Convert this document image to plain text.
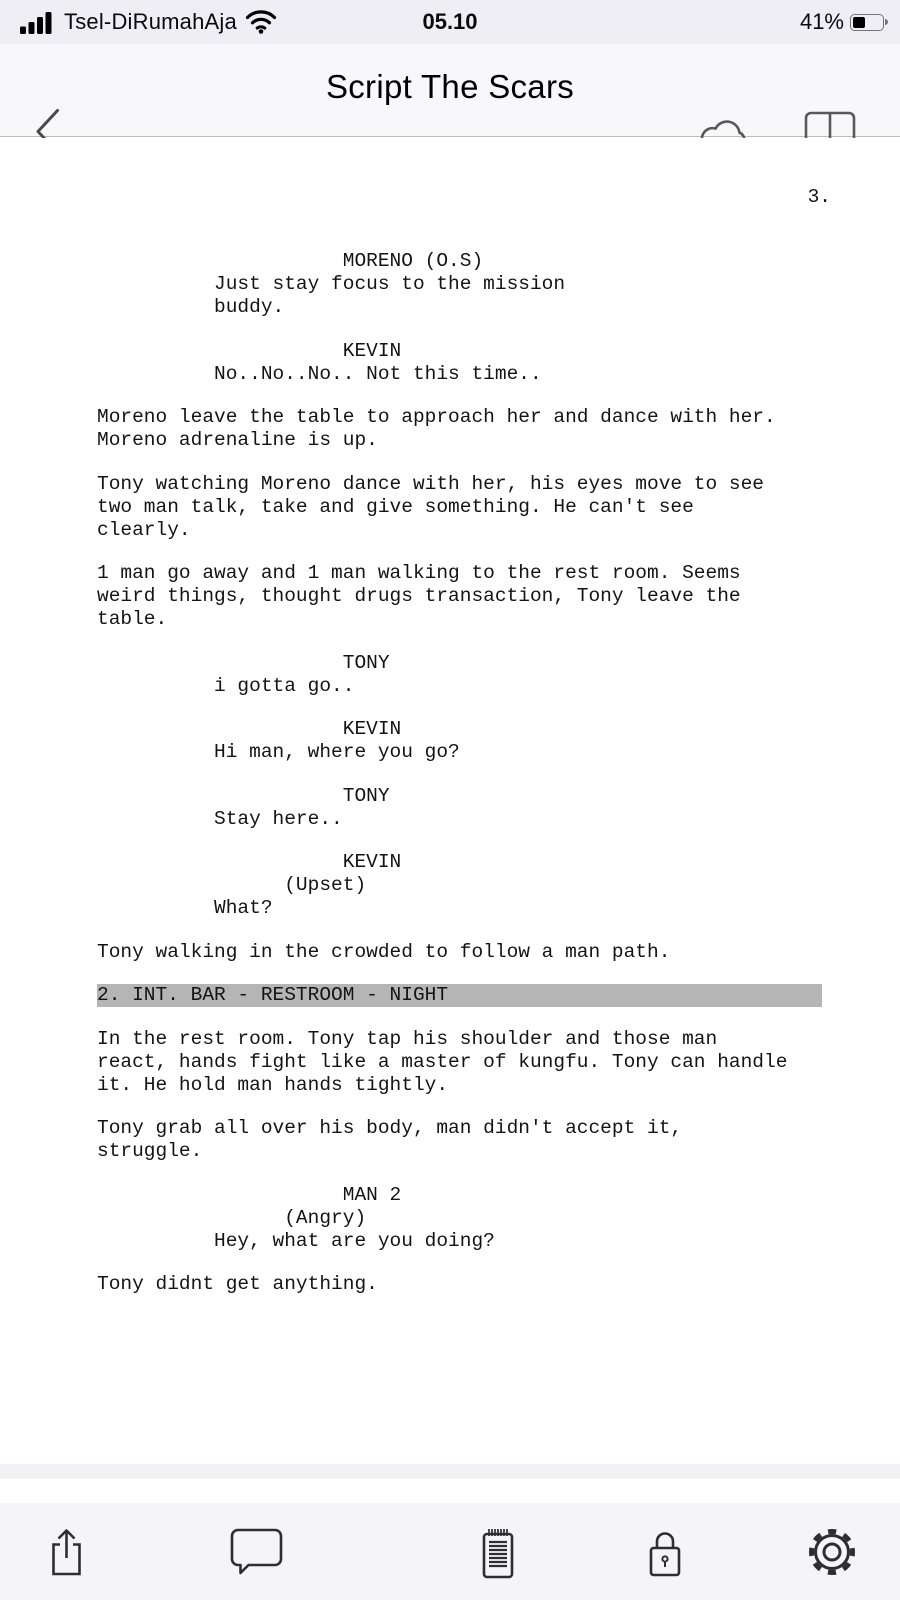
Tsel-DiRumahAja	05.10	41%
Script The Scars
3.
MORENO (O.S)
Just stay focus to the mission
buddy.
KEVIN
No..No..No.. Not this time..
Moreno leave the table to approach her and dance with her.
Moreno adrenaline is up.
Tony watching Moreno dance with her, his eyes move to see
two man talk, take and give something. He can't see
clearly.
1 man go away and 1 man walking to the rest room. Seems
weird things, thought drugs transaction, Tony leave the
table.
TONY
i gotta go..
KEVIN
Hi man, where you go?
TONY
Stay here..
KEVIN
(Upset)
What?
Tony walking in the crowded to follow a man path.
2. INT. BAR - RESTROOM - NIGHT
In the rest room. Tony tap his shoulder and those man
react, hands fight like a master of kungfu. Tony can handle
it. He hold man hands tightly.
Tony grab all over his body, man didn't accept it,
struggle.
MAN 2
(Angry)
Hey, what are you doing?
Tony didnt get anything.
